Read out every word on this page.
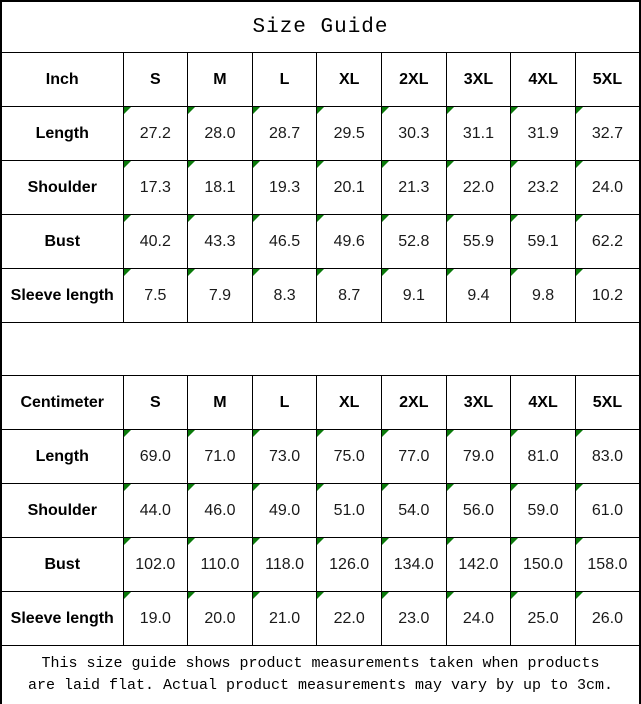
Size Guide								
Inch	S	M	L	XL	2XL	3XL	4XL	5XL
Length	27.2	28.0	28.7	29.5	30.3	31.1	31.9	32.7
Shoulder	17.3	18.1	19.3	20.1	21.3	22.0	23.2	24.0
Bust	40.2	43.3	46.5	49.6	52.8	55.9	59.1	62.2
Sleeve length	7.5	7.9	8.3	8.7	9.1	9.4	9.8	10.2

Centimeter	S	M	L	XL	2XL	3XL	4XL	5XL
Length	69.0	71.0	73.0	75.0	77.0	79.0	81.0	83.0
Shoulder	44.0	46.0	49.0	51.0	54.0	56.0	59.0	61.0
Bust	102.0	110.0	118.0	126.0	134.0	142.0	150.0	158.0
Sleeve length	19.0	20.0	21.0	22.0	23.0	24.0	25.0	26.0

This size guide shows product measurements taken when products
are laid flat. Actual product measurements may vary by up to 3cm.								
